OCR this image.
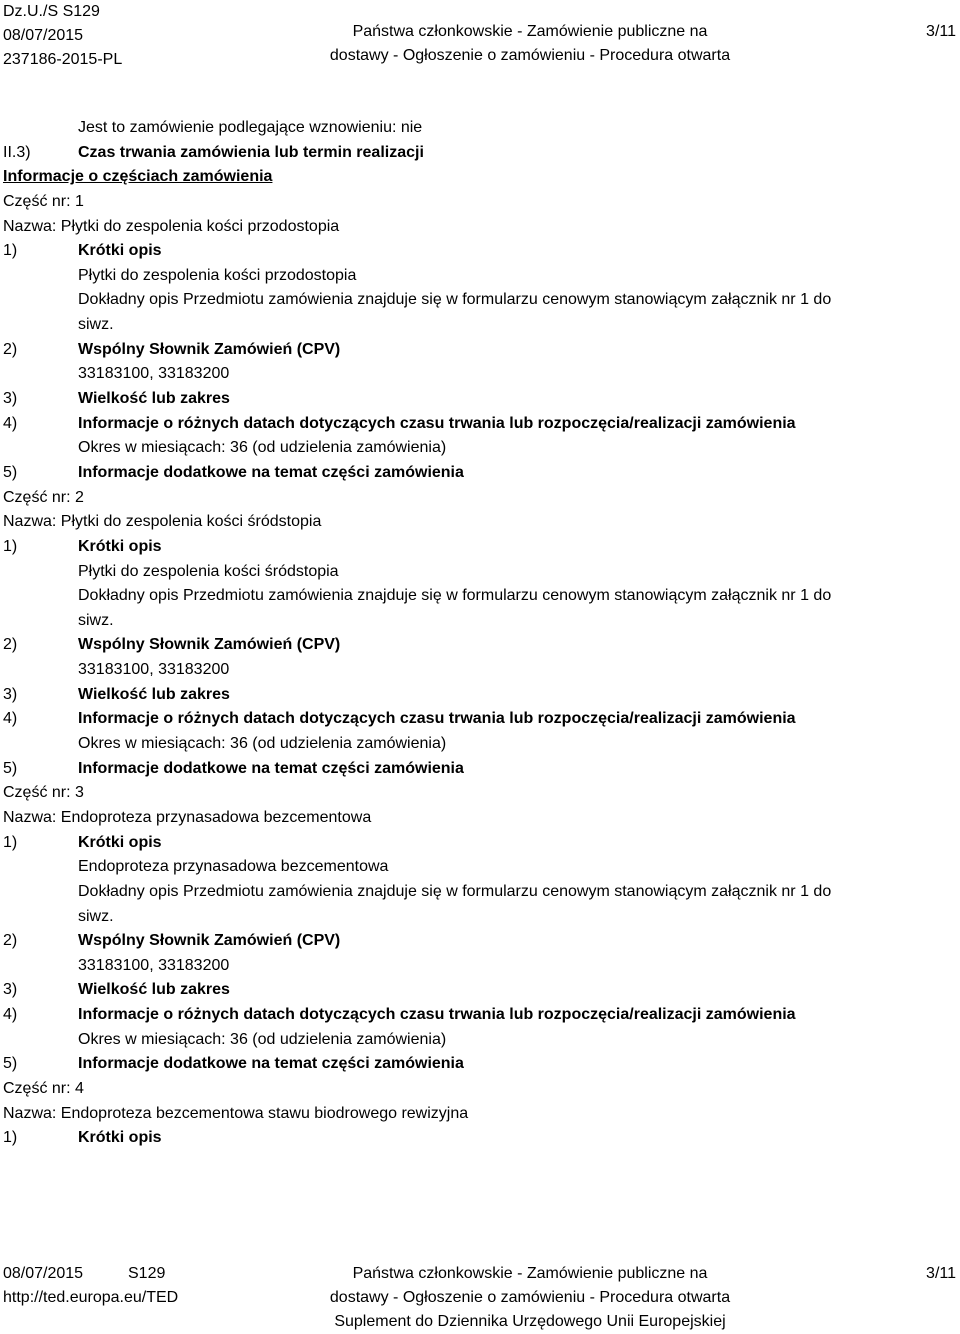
Dz.U./S S129
08/07/2015
237186-2015-PL
Państwa członkowskie - Zamówienie publiczne na
dostawy - Ogłoszenie o zamówieniu - Procedura otwarta
3/11
Jest to zamówienie podlegające wznowieniu: nie
II.3)	Czas trwania zamówienia lub termin realizacji
Informacje o częściach zamówienia
Część nr: 1
Nazwa: Płytki do zespolenia kości przodostopia
1)	Krótki opis
Płytki do zespolenia kości przodostopia
Dokładny opis Przedmiotu zamówienia znajduje się w formularzu cenowym stanowiącym załącznik nr 1 do
siwz.
2)	Wspólny Słownik Zamówień (CPV)
33183100, 33183200
3)	Wielkość lub zakres
4)	Informacje o różnych datach dotyczących czasu trwania lub rozpoczęcia/realizacji zamówienia
Okres w miesiącach: 36 (od udzielenia zamówienia)
5)	Informacje dodatkowe na temat części zamówienia
Część nr: 2
Nazwa: Płytki do zespolenia kości śródstopia
1)	Krótki opis
Płytki do zespolenia kości śródstopia
Dokładny opis Przedmiotu zamówienia znajduje się w formularzu cenowym stanowiącym załącznik nr 1 do
siwz.
2)	Wspólny Słownik Zamówień (CPV)
33183100, 33183200
3)	Wielkość lub zakres
4)	Informacje o różnych datach dotyczących czasu trwania lub rozpoczęcia/realizacji zamówienia
Okres w miesiącach: 36 (od udzielenia zamówienia)
5)	Informacje dodatkowe na temat części zamówienia
Część nr: 3
Nazwa: Endoproteza przynasadowa bezcementowa
1)	Krótki opis
Endoproteza przynasadowa bezcementowa
Dokładny opis Przedmiotu zamówienia znajduje się w formularzu cenowym stanowiącym załącznik nr 1 do
siwz.
2)	Wspólny Słownik Zamówień (CPV)
33183100, 33183200
3)	Wielkość lub zakres
4)	Informacje o różnych datach dotyczących czasu trwania lub rozpoczęcia/realizacji zamówienia
Okres w miesiącach: 36 (od udzielenia zamówienia)
5)	Informacje dodatkowe na temat części zamówienia
Część nr: 4
Nazwa: Endoproteza bezcementowa stawu biodrowego rewizyjna
1)	Krótki opis
08/07/2015	S129
http://ted.europa.eu/TED
Państwa członkowskie - Zamówienie publiczne na
dostawy - Ogłoszenie o zamówieniu - Procedura otwarta
Suplement do Dziennika Urzędowego Unii Europejskiej
3/11
